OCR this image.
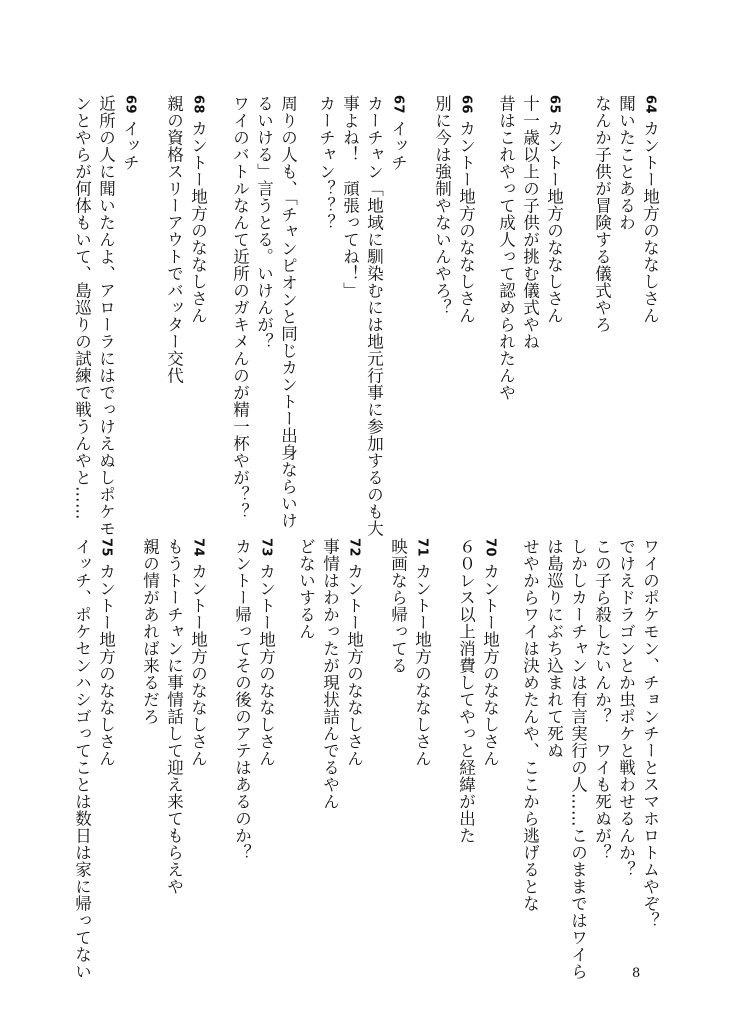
64カントー地方のななしさん
聞いたことあるわ
なんか子供が冒険する儀式やろ
65カントー地方のななしさん
十一歳以上の子供が挑む儀式やね
昔はこれやって成人って認められたんや
66カントー地方のななしさん
別に今は強制やないんやろ？
67イッチ
カーチャン「地域に馴染むには地元行事に参加するのも大
事よね！　頑張ってね！」
カーチャン？？？
周りの人も、「チャンピオンと同じカントー出身ならいけ
るいける」言うとる。いけんが？
ワイのバトルなんて近所のガキメんのが精一杯やが？？
68カントー地方のななしさん
親の資格スリーアウトでバッター交代
69イッチ
近所の人に聞いたんよ、アローラにはでっけえぬしポケモ
ンとやらが何体もいて、島巡りの試練で戦うんやと……
ワイのポケモン、チョンチーとスマホロトムやぞ？
でけえドラゴンとか虫ポケと戦わせるんか？
この子ら殺したいんか？　ワイも死ぬが？
しかしカーチャンは有言実行の人……このままではワイら
は島巡りにぶち込まれて死ぬ
せやからワイは決めたんや、ここから逃げるとな
70カントー地方のななしさん
６０レス以上消費してやっと経緯が出た
71カントー地方のななしさん
映画なら帰ってる
72カントー地方のななしさん
事情はわかったが現状詰んでるやん
どないするん
73カントー地方のななしさん
カントー帰ってその後のアテはあるのか？
74カントー地方のななしさん
もうトーチャンに事情話して迎え来てもらえや
親の情があれば来るだろ
75カントー地方のななしさん
イッチ、ポケセンハシゴってことは数日は家に帰ってない	8
